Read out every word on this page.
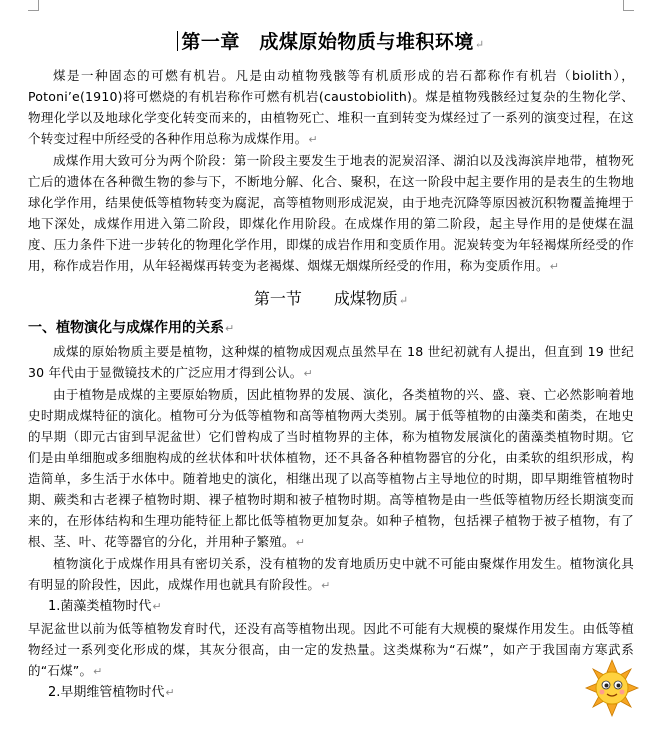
第一章　成煤原始物质与堆积环境↵

煤是一种固态的可燃有机岩。凡是由动植物残骸等有机质形成的岩石都称作有机岩（biolith），Potoni’e(1910)将可燃烧的有机岩称作可燃有机岩(caustobiolith)。煤是植物残骸经过复杂的生物化学、物理化学以及地球化学变化转变而来的，由植物死亡、堆积一直到转变为煤经过了一系列的演变过程，在这个转变过程中所经受的各种作用总称为成煤作用。↵

成煤作用大致可分为两个阶段：第一阶段主要发生于地表的泥炭沼泽、湖泊以及浅海滨岸地带，植物死亡后的遗体在各种微生物的参与下，不断地分解、化合、聚积，在这一阶段中起主要作用的是表生的生物地球化学作用，结果使低等植物转变为腐泥，高等植物则形成泥炭，由于地壳沉降等原因被沉积物覆盖掩埋于地下深处，成煤作用进入第二阶段，即煤化作用阶段。在成煤作用的第二阶段，起主导作用的是使煤在温度、压力条件下进一步转化的物理化学作用，即煤的成岩作用和变质作用。泥炭转变为年轻褐煤所经受的作用，称作成岩作用，从年轻褐煤再转变为老褐煤、烟煤无烟煤所经受的作用，称为变质作用。↵

第一节　　成煤物质↵
一、植物演化与成煤作用的关系↵

成煤的原始物质主要是植物，这种煤的植物成因观点虽然早在 18 世纪初就有人提出，但直到 19 世纪 30 年代由于显微镜技术的广泛应用才得到公认。↵

由于植物是成煤的主要原始物质，因此植物界的发展、演化，各类植物的兴、盛、衰、亡必然影响着地史时期成煤特征的演化。植物可分为低等植物和高等植物两大类别。属于低等植物的由藻类和菌类，在地史的早期（即元古宙到早泥盆世）它们曾构成了当时植物界的主体，称为植物发展演化的菌藻类植物时期。它们是由单细胞或多细胞构成的丝状体和叶状体植物，还不具备各种植物器官的分化，由柔软的组织形成，构造简单，多生活于水体中。随着地史的演化，相继出现了以高等植物占主导地位的时期，即早期维管植物时期、蕨类和古老裸子植物时期、裸子植物时期和被子植物时期。高等植物是由一些低等植物历经长期演变而来的，在形体结构和生理功能特征上都比低等植物更加复杂。如种子植物，包括裸子植物于被子植物，有了根、茎、叶、花等器官的分化，并用种子繁殖。↵

植物演化于成煤作用具有密切关系，没有植物的发育地质历史中就不可能由聚煤作用发生。植物演化具有明显的阶段性，因此，成煤作用也就具有阶段性。↵

1.菌藻类植物时代↵

早泥盆世以前为低等植物发育时代，还没有高等植物出现。因此不可能有大规模的聚煤作用发生。由低等植物经过一系列变化形成的煤，其灰分很高，由一定的发热量。这类煤称为“石煤”，如产于我国南方寒武系的“石煤”。↵

2.早期维管植物时代↵
